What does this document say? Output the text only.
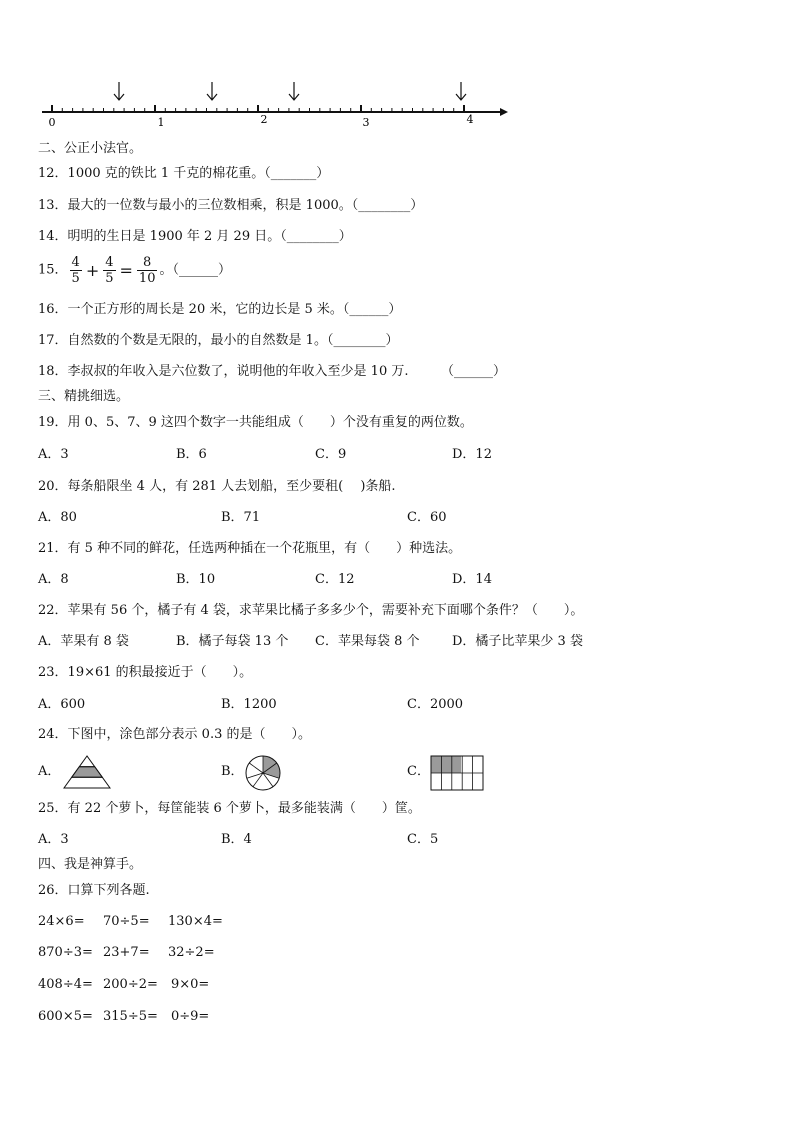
0	1	2	3	4
二、公正小法官。
12．1000 克的铁比 1 千克的棉花重。（_______）
13．最大的一位数与最小的三位数相乘，积是 1000。（________）
14．明明的生日是 1900 年 2 月 29 日。（________）
15． $\frac{4}{5} + \frac{4}{5} = \frac{8}{10}$ 。（______）
16．一个正方形的周长是 20 米，它的边长是 5 米。（______）
17．自然数的个数是无限的，最小的自然数是 1。（________）
18．李叔叔的年收入是六位数了，说明他的年收入至少是 10 万.　　　（______）
三、精挑细选。
19．用 0、5、7、9 这四个数字一共能组成（　　）个没有重复的两位数。
A．3	B．6	C．9	D．12
20．每条船限坐 4 人，有 281 人去划船，至少要租(　 )条船.
A．80	B．71	C．60
21．有 5 种不同的鲜花，任选两种插在一个花瓶里，有（　　）种选法。
A．8	B．10	C．12	D．14
22．苹果有 56 个，橘子有 4 袋，求苹果比橘子多多少个，需要补充下面哪个条件？（　　）。
A．苹果有 8 袋	B．橘子每袋 13 个 C．苹果每袋 8 个	D．橘子比苹果少 3 袋
23．19×61 的积最接近于（　　）。
A．600	B．1200	C．2000
24．下图中，涂色部分表示 0.3 的是（　　）。
A．	B．	C．
25．有 22 个萝卜，每筐能装 6 个萝卜，最多能装满（　　）筐。
A．3	B．4	C．5
四、我是神算手。
26．口算下列各题.
24×6= 70÷5= 130×4=
870÷3= 23+7= 32÷2=
408÷4= 200÷2= 9×0=
600×5= 315÷5= 0÷9=
